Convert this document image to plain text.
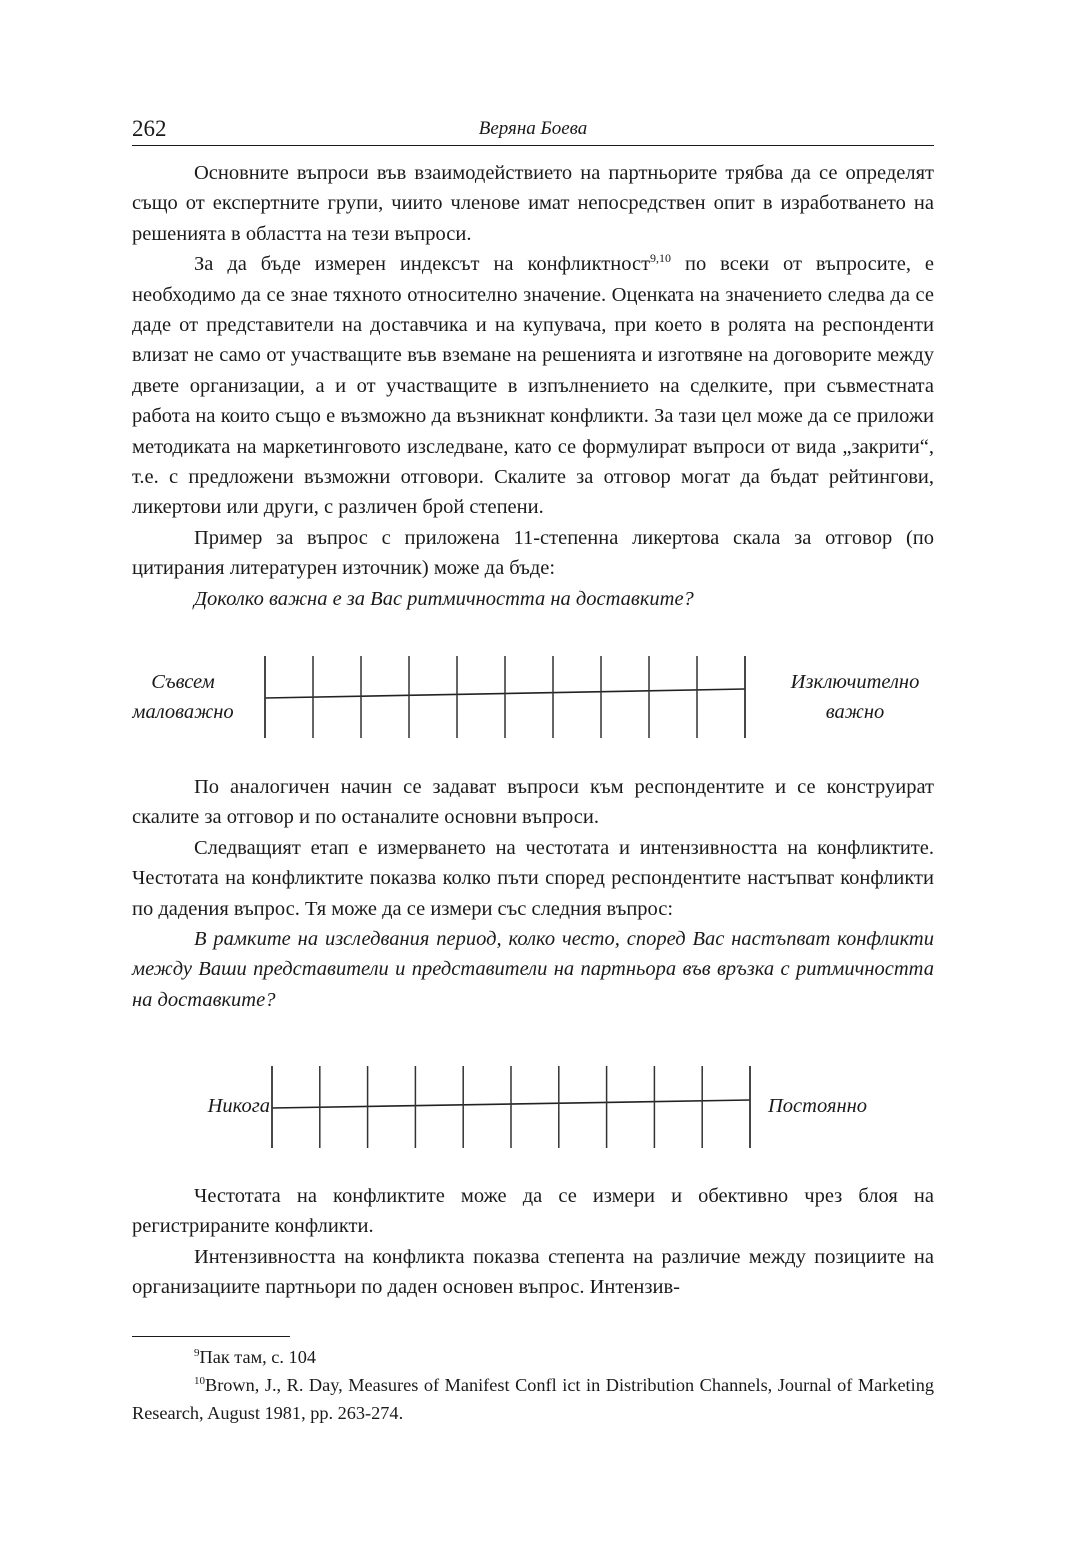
262	Веряна Боева

Основните въпроси във взаимодействието на партньорите трябва да се определят също от експертните групи, чиито членове имат непосредствен опит в изработването на решенията в областта на тези въпроси.

За да бъде измерен индексът на конфликтност$^{9,10}$ по всеки от въпросите, е необходимо да се знае тяхното относително значение. Оценката на значението следва да се даде от представители на доставчика и на купувача, при което в ролята на респонденти влизат не само от участващите във вземане на решенията и изготвяне на договорите между двете организации, а и от участващите в изпълнението на сделките, при съвместната работа на които също е възможно да възникнат конфликти. За тази цел може да се приложи методиката на маркетинговото изследване, като се формулират въпроси от вида „закрити“, т.е. с предложени възможни отговори. Скалите за отговор могат да бъдат рейтингови, ликертови или други, с различен брой степени.

Пример за въпрос с приложена 11-степенна ликертова скала за отговор (по цитирания литературен източник) може да бъде:

Доколко важна е за Вас ритмичността на доставките?

Съвсем
маловажно
Изключително
важно

По аналогичен начин се задават въпроси към респондентите и се конструират скалите за отговор и по останалите основни въпроси.

Следващият етап е измерването на честотата и интензивността на конфликтите. Честотата на конфликтите показва колко пъти според респондентите настъпват конфликти по дадения въпрос. Тя може да се измери със следния въпрос:

В рамките на изследвания период, колко често, според Вас настъпват конфликти между Ваши представители и представители на партньора във връзка с ритмичността на доставките?

Никога	Постоянно

Честотата на конфликтите може да се измери и обективно чрез блоя на регистрираните конфликти.

Интензивността на конфликта показва степента на различие между позициите на организациите партньори по даден основен въпрос. Интензив-

$^9$Пак там, с. 104

$^{10}$Brown, J., R. Day, Measures of Manifest Confl ict in Distribution Channels, Journal of Marketing Research, August 1981, pp. 263-274.
